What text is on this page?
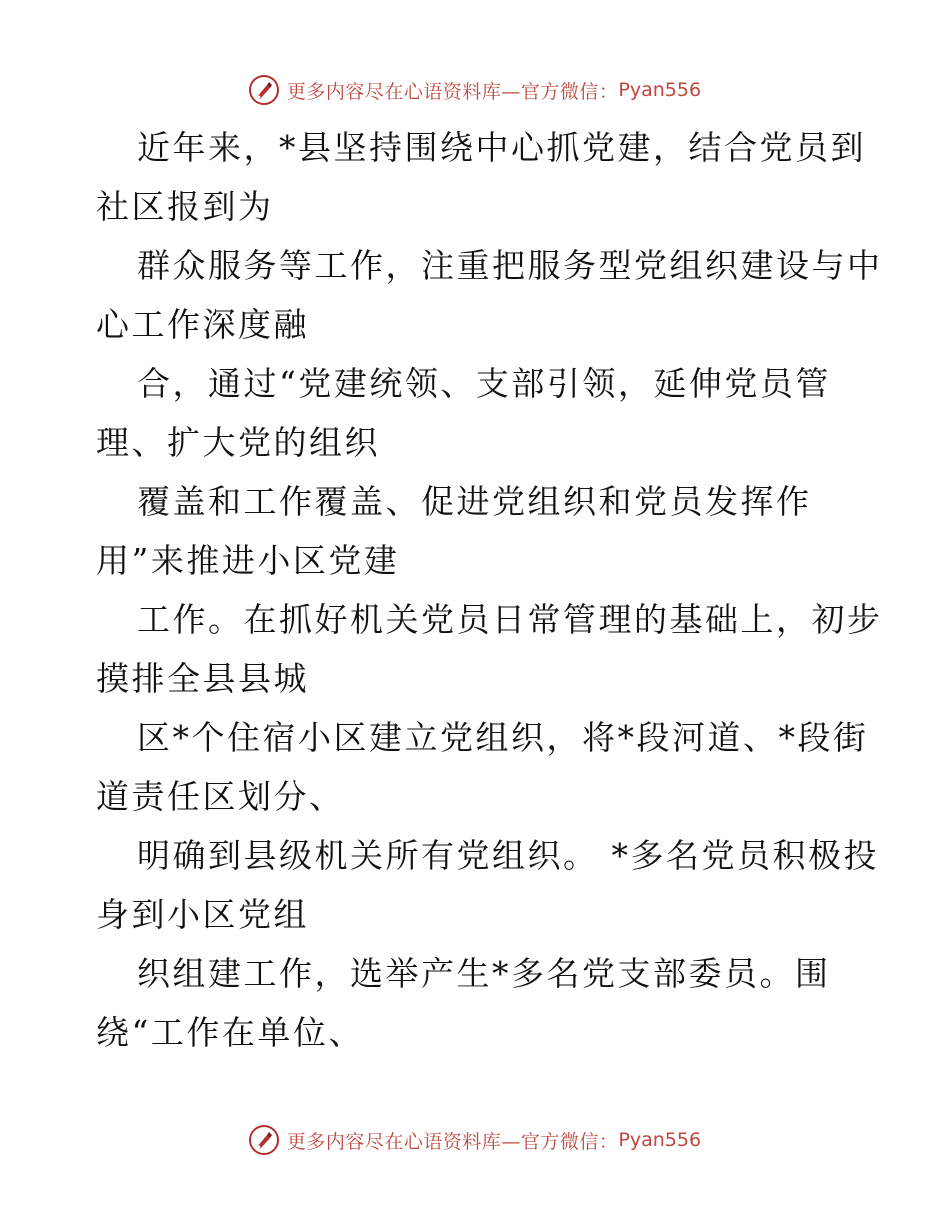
更多内容尽在心语资料库—官方微信： Pyan556
近年来，*县坚持围绕中心抓党建，结合党员到
社区报到为
群众服务等工作，注重把服务型党组织建设与中
心工作深度融
合，通过“党建统领、支部引领，延伸党员管
理、扩大党的组织
覆盖和工作覆盖、促进党组织和党员发挥作
用”来推进小区党建
工作。在抓好机关党员日常管理的基础上，初步
摸排全县县城
区*个住宿小区建立党组织，将*段河道、*段街
道责任区划分、
明确到县级机关所有党组织。 *多名党员积极投
身到小区党组
织组建工作，选举产生*多名党支部委员。围
绕“工作在单位、
更多内容尽在心语资料库—官方微信： Pyan556
